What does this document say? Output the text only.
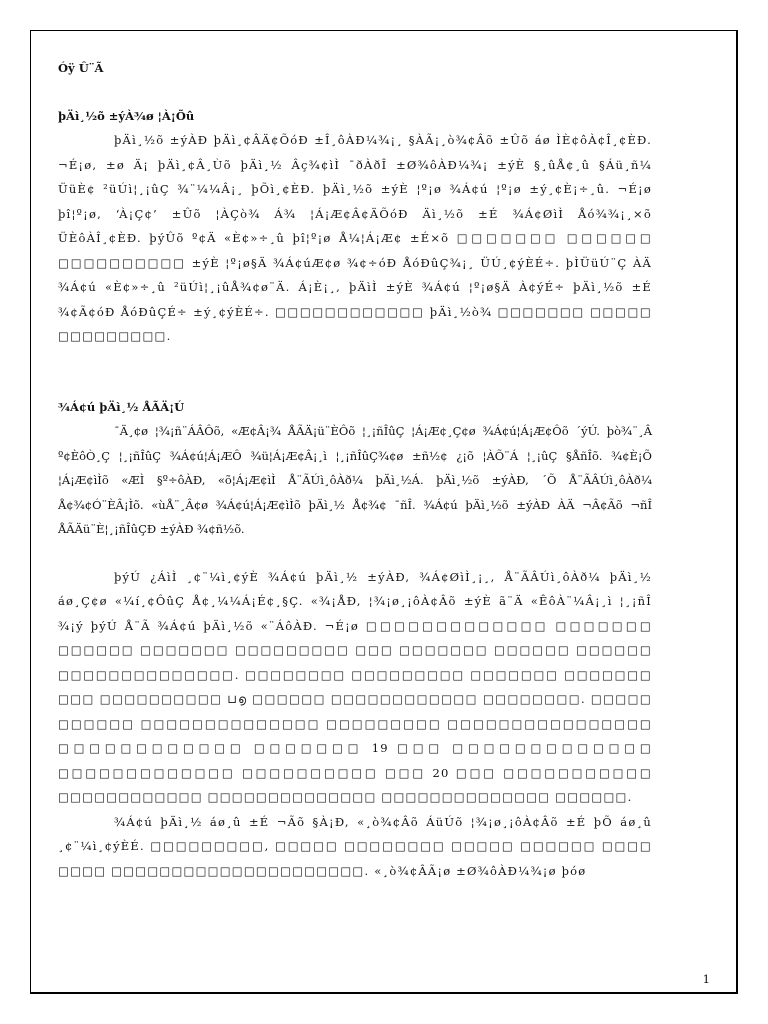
Óÿ Û¨Ã

þÄì¸½õ ±ýÀ¾ø ¦À¡Õû

þÄì¸½õ ±ýÀÐ þÄì¸¢ÂÄ¢ÕóÐ ±Î¸ôÀÐ¼¾¡¸ §ÀÃ¡¸ò¾¢Âõ ±Ûõ áø ÌÈ¢ôÀ¢Î¸¢ÈÐ. ¬É¡ø, ±ø Ä¡ þÄì¸¢Â¸Ùõ þÄì¸½ Âç¾¢ìÌ ¯ðÀðÎ ±Ø¾ôÀÐ¼¾¡ ±ýÈ §¸ûÅ¢¸û §Áü¸ñ¼ ÜüÈ¢ ²üÚì¦¸¡ûÇ ¾¨¼¼Â¡¸ þÕì¸¢ÈÐ. þÄì¸½õ ±ýÈ ¦º¡ø ¾Á¢ú ¦º¡ø ±ý¸¢È¡÷¸û. ¬É¡ø þî¦º¡ø, ‘À¡Ç¢’ ±Ûõ ¦ÀÇò¾ Á¾ ¦Á¡Æ¢Â¢ÄÕóÐ Äì¸½õ ±É ¾Á¢ØìÌ Åó¾¾¡¸×õ ÜÈôÀÎ¸¢ÈÐ. þýÛõ º¢Ä «È¢»÷¸û þî¦º¡ø Å¼¦Á¡Æ¢ ±É×õ □□□□□□□ □□□□□□ □□□□□□□□□□ ±ýÈ ¦º¡ø§Ä ¾Á¢úÆ¢ø ¾¢÷óÐ ÅóÐûÇ¾¡¸ ÜÚ¸¢ýÈÉ÷. þÌÜüÚ¨Ç ÀÄ ¾Á¢ú «È¢»÷¸û ²üÚì¦¸¡ûÅ¾¢ø¨Ä. Á¡È¡¸, þÄìÌ ±ýÈ ¾Á¢ú ¦º¡ø§Ä À¢ýÉ÷ þÄì¸½õ ±É ¾¢Ã¢óÐ ÅóÐûÇÉ÷ ±ý¸¢ýÈÉ÷. □□□□□□□□□□□□ þÄì¸½ò¾ □□□□□□□ □□□□□ □□□□□□□□□.

¾Á¢ú þÄì¸½ ÅÃÄ¡Ú

¯Ä¸¢ø ¦¾¡ñ¨ÁÂÔõ, «Æ¢Â¡¾ ÅÃÄ¡ü¨ÈÔõ ¦¸¡ñÎûÇ ¦Á¡Æ¢¸Ç¢ø ¾Á¢ú¦Á¡Æ¢Ôõ ´ýÚ. þò¾¨¸Â º¢ÈôÒ¸Ç ¦¸¡ñÎûÇ ¾Á¢ú¦Á¡ÆÔ ¾ü¦Á¡Æ¢Â¡¸ì ¦¸¡ñÎûÇ¾¢ø ±ñ½¢ ¿¡õ ¦ÀÕ¨Á ¦¸¡ûÇ §ÅñÎõ. ¾¢È¡Õ ¦Á¡Æ¢ìÌõ «ÆÌ §º÷ôÀÐ, «õ¦Á¡Æ¢ìÌ Å¨ÃÚì¸ôÀð¼ þÄì¸½Á. þÄì¸½õ ±ýÀÐ, ´Õ Å¨ÃÂÚì¸ôÀð¼ Å¢¾¢Ó¨ÈÂ¡Ìõ. «ùÅ¨¸Â¢ø ¾Á¢ú¦Á¡Æ¢ìÌõ þÄì¸½ Å¢¾¢ ¯ñÎ. ¾Á¢ú þÄì¸½õ ±ýÀÐ ÀÄ ¬Â¢Ãõ ¬ñÎ ÅÃÄü¨È¦¸¡ñÎûÇÐ ±ýÀÐ ¾¢ñ½õ.

þýÚ ¿ÁìÌ ¸¢¨¼ì¸¢ýÈ ¾Á¢ú þÄì¸½ ±ýÀÐ, ¾Á¢ØìÌ¸¡¸, Å¨ÃÂÚì¸ôÀð¼ þÄì¸½ áø¸Ç¢ø «¼í¸¢ÔûÇ Å¢¸¼¼Á¡É¢¸§Ç. «¾¡ÅÐ, ¦¾¡ø¸¡ôÀ¢Âõ ±ýÈ ã¨Ä «ÊôÀ¨¼Â¡¸ì ¦¸¡ñÎ ¾¡ý þýÚ Å¨Ã ¾Á¢ú þÄì¸½õ «¨ÁôÀÐ. ¬É¡ø □□□□□□□□□□□□□ □□□□□□□ □□□□□□ □□□□□□□ □□□□□□□□□ □□□ □□□□□□□ □□□□□□ □□□□□□ □□□□□□□□□□□□□□. □□□□□□□□ □□□□□□□□□ □□□□□□□ □□□□□□□ □□□ □□□□□□□□□□ ⊔൭ □□□□□□ □□□□□□□□□□□□ □□□□□□□□. □□□□□ □□□□□□ □□□□□□□□□□□□□□ □□□□□□□□□ □□□□□□□□□□□□□□□□ □□□□□□□□□□□□ □□□□□□□ 19 □□□ □□□□□□□□□□□□□ □□□□□□□□□□□□□ □□□□□□□□□□ □□□ 20 □□□ □□□□□□□□□□□ □□□□□□□□□□□□ □□□□□□□□□□□□□□ □□□□□□□□□□□□□□ □□□□□□.

¾Á¢ú þÄì¸½ áø¸û ±É ¬Ãõ §À¡Ð, «¸ò¾¢Âõ ÁüÚõ ¦¾¡ø¸¡ôÀ¢Âõ ±É þÕ áø¸û ¸¢¨¼ì¸¢ýÈÉ. □□□□□□□□□, □□□□□ □□□□□□□□ □□□□□ □□□□□□ □□□□ □□□□ □□□□□□□□□□□□□□□□□□□□□. «¸ò¾¢ÂÃ¡ø ±Ø¾ôÀÐ¼¾¡ø þóø

1
